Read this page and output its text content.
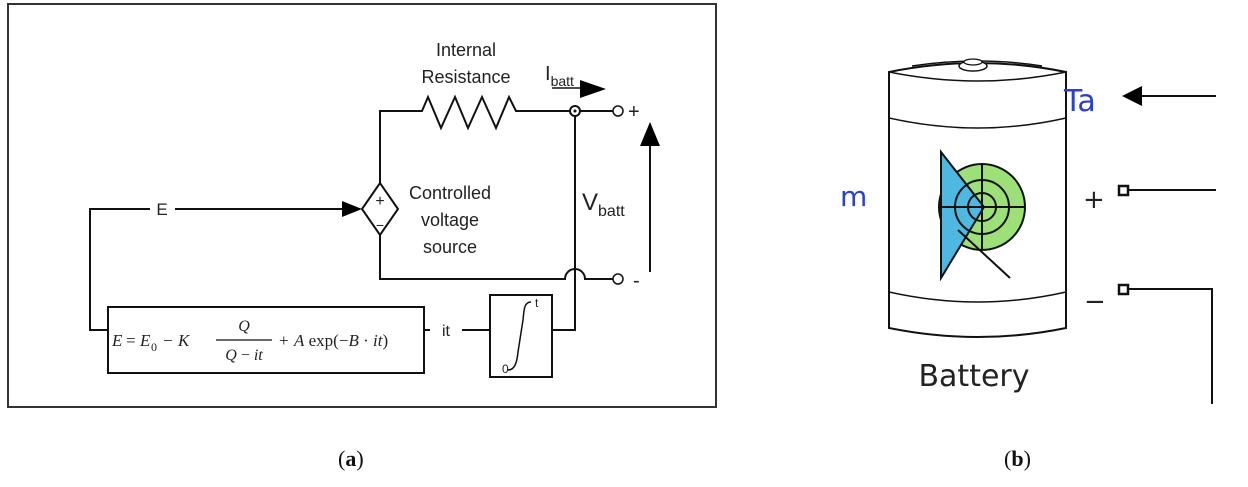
Internal
Resistance $I_{batt}$
+
-
$V_{batt}$
+
−
Controlled
voltage
source
E
E = E 0 − K
Q
Q − it
+ A exp(−B · it)	it
t
0
Ta
m	+
−
Battery
(a)	(b)
